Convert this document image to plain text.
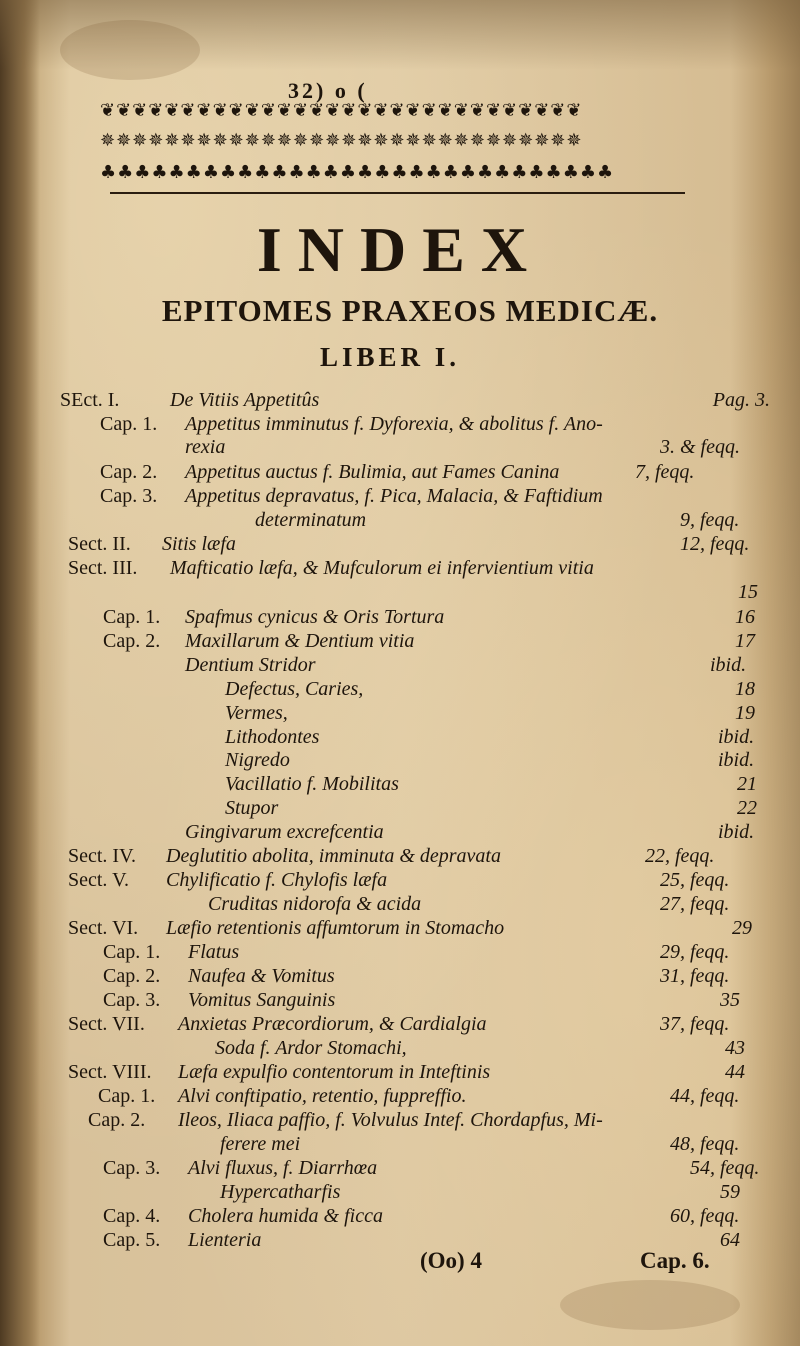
32) o (
❦❦❦❦❦❦❦❦❦❦❦❦❦❦❦❦❦❦❦❦❦❦❦❦❦❦❦❦❦❦
✵✵✵✵✵✵✵✵✵✵✵✵✵✵✵✵✵✵✵✵✵✵✵✵✵✵✵✵✵✵
♣♣♣♣♣♣♣♣♣♣♣♣♣♣♣♣♣♣♣♣♣♣♣♣♣♣♣♣♣♣
INDEX
EPITOMES PRAXEOS MEDICÆ.
LIBER I.
SEct. I.	De Vitiis Appetitûs	Pag. 3.
Cap. 1. Appetitus imminutus f. Dyforexia, & abolitus f. Ano-
rexia	3. & feqq.
Cap. 2. Appetitus auctus f. Bulimia, aut Fames Canina	7, feqq.
Cap. 3. Appetitus depravatus, f. Pica, Malacia, & Faftidium
determinatum	9, feqq.
Sect. II. Sitis læfa	12, feqq.
Sect. III. Mafticatio læfa, & Mufculorum ei infervientium vitia
15
Cap. 1. Spafmus cynicus & Oris Tortura	16
Cap. 2. Maxillarum & Dentium vitia	17
Dentium Stridor	ibid.
Defectus, Caries,	18
Vermes,	19
Lithodontes	ibid.
Nigredo	ibid.
Vacillatio f. Mobilitas	21
Stupor	22
Gingivarum excrefcentia	ibid.
Sect. IV. Deglutitio abolita, imminuta & depravata	22, feqq.
Sect. V. Chylificatio f. Chylofis læfa	25, feqq.
Cruditas nidorofa & acida	27, feqq.
Sect. VI. Læfio retentionis affumtorum in Stomacho	29
Cap. 1. Flatus	29, feqq.
Cap. 2. Naufea & Vomitus	31, feqq.
Cap. 3. Vomitus Sanguinis	35
Sect. VII. Anxietas Præcordiorum, & Cardialgia	37, feqq.
Soda f. Ardor Stomachi,	43
Sect. VIII. Læfa expulfio contentorum in Inteftinis	44
Cap. 1. Alvi conftipatio, retentio, fuppreffio.	44, feqq.
Cap. 2. Ileos, Iliaca paffio, f. Volvulus Intef. Chordapfus, Mi-
ferere mei	48, feqq.
Cap. 3. Alvi fluxus, f. Diarrhœa	54, feqq.
Hypercatharfis	59
Cap. 4. Cholera humida & ficca	60, feqq.
Cap. 5. Lienteria	64
(Oo) 4	Cap. 6.
